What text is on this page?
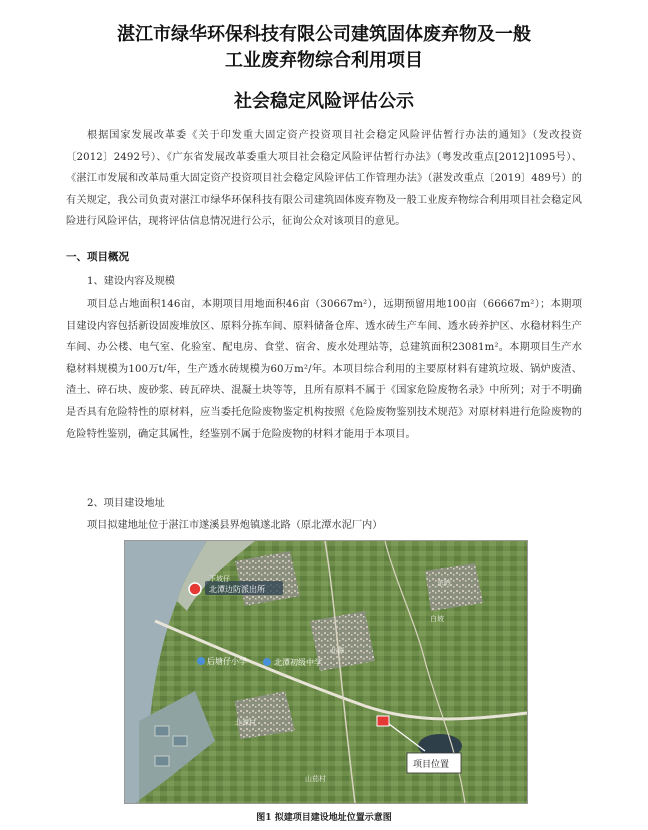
湛江市绿华环保科技有限公司建筑固体废弃物及一般
工业废弃物综合利用项目
社会稳定风险评估公示
根据国家发展改革委《关于印发重大固定资产投资项目社会稳定风险评估暂行办法的通知》（发改投资〔2012〕2492号）、《广东省发展改革委重大项目社会稳定风险评估暂行办法》（粤发改重点[2012]1095号）、《湛江市发展和改革局重大固定资产投资项目社会稳定风险评估工作管理办法》（湛发改重点〔2019〕489号）的有关规定，我公司负责对湛江市绿华环保科技有限公司建筑固体废弃物及一般工业废弃物综合利用项目社会稳定风险进行风险评估，现将评估信息情况进行公示，征询公众对该项目的意见。
一、项目概况
1、建设内容及规模
项目总占地面积146亩，本期项目用地面积46亩（30667m²），远期预留用地100亩（66667m²）；本期项目建设内容包括新设固废堆放区、原料分拣车间、原料储备仓库、透水砖生产车间、透水砖养护区、水稳材料生产车间、办公楼、电气室、化验室、配电房、食堂、宿舍、废水处理站等，总建筑面积23081m²。本期项目生产水稳材料规模为100万t/年，生产透水砖规模为60万m²/年。本项目综合利用的主要原材料有建筑垃圾、锅炉废渣、渣土、碎石块、废砂浆、砖瓦碎块、混凝土块等等，且所有原料不属于《国家危险废物名录》中所列；对于不明确是否具有危险特性的原材料，应当委托危险废物鉴定机构按照《危险废物鉴别技术规范》对原材料进行危险废物的危险特性鉴别，确定其属性，经鉴别不属于危险废物的材料才能用于本项目。
2、项目建设地址
项目拟建地址位于湛江市遂溪县界炮镇遂北路（原北潭水泥厂内）
北潭边防派出所
后塘仔小学	北潭初级中学
下坡仔
北潭
白坡
北潭村
东岭
山茄村
项目位置
图1 拟建项目建设地址位置示意图
